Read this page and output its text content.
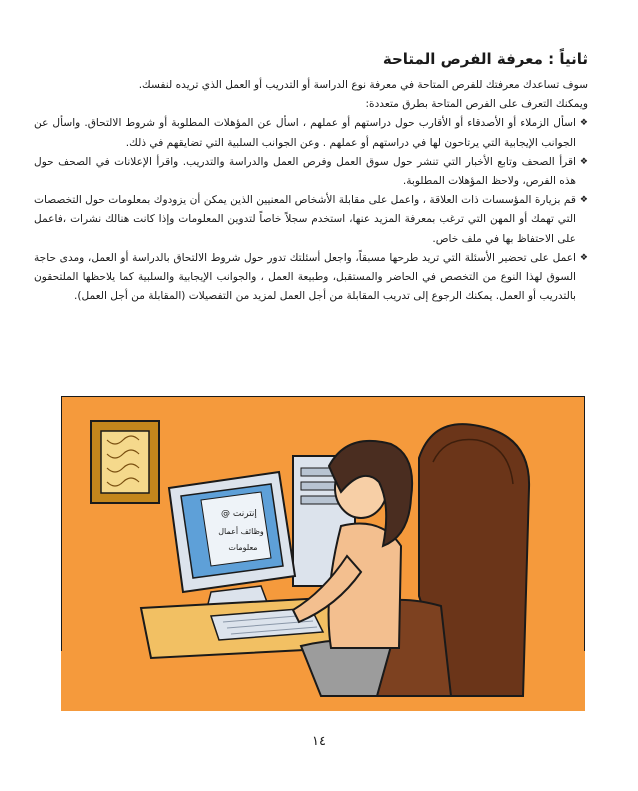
ثانياً : معرفة الفرص المتاحة

سوف تساعدك معرفتك للفرص المتاحة في معرفة نوع الدراسة أو التدريب أو العمل الذي تريده لنفسك.

ويمكنك التعرف على الفرص المتاحة بطرق متعددة:

❖
اسأل الزملاء أو الأصدقاء أو الأقارب حول دراستهم أو عملهم ، اسأل عن المؤهلات المطلوبة أو شروط الالتحاق. واسأل عن الجوانب الإيجابية التي يرتاحون لها في دراستهم أو عملهم . وعن الجوانب السلبية التي تضايقهم في ذلك.
❖
اقرأ الصحف وتابع الأخبار التي تنشر حول سوق العمل وفرص العمل والدراسة والتدريب. واقرأ الإعلانات في الصحف حول هذه الفرص، ولاحظ المؤهلات المطلوبة.
❖
قم بزيارة المؤسسات ذات العلاقة ، واعمل على مقابلة الأشخاص المعنيين الذين يمكن أن يزودوك بمعلومات حول التخصصات التي تهمك أو المهن التي ترغب بمعرفة المزيد عنها، استخدم سجلاً خاصاً لتدوين المعلومات وإذا كانت هنالك نشرات ،فاعمل على الاحتفاظ بها في ملف خاص.
❖
اعمل على تحضير الأسئلة التي تريد طرحها مسبقاً، واجعل أسئلتك تدور حول شروط الالتحاق بالدراسة أو العمل، ومدى حاجة السوق لهذا النوع من التخصص في الحاضر والمستقبل، وطبيعة العمل ، والجوانب الإيجابية والسلبية كما يلاحظها الملتحقون بالتدريب أو العمل. يمكنك الرجوع إلى تدريب المقابلة من أجل العمل لمزيد من التفصيلات (المقابلة من أجل العمل).
إنترنت @
وظائف أعمال
معلومات

١٤
